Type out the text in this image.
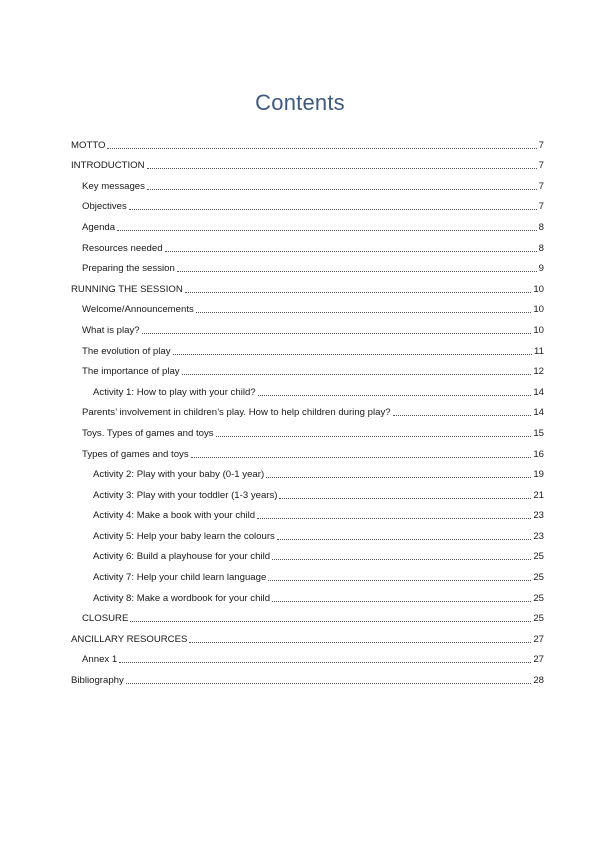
Contents
MOTTO	7
INTRODUCTION	7
Key messages	7
Objectives	7
Agenda	8
Resources needed	8
Preparing the session	9
RUNNING THE SESSION	10
Welcome/Announcements	10
What is play?	10
The evolution of play	11
The importance of play	12
Activity 1: How to play with your child?	14
Parents’ involvement in children’s play. How to help children during play?	14
Toys. Types of games and toys	15
Types of games and toys	16
Activity 2: Play with your baby (0-1 year)	19
Activity 3: Play with your toddler (1-3 years)	21
Activity 4: Make a book with your child	23
Activity 5: Help your baby learn the colours	23
Activity 6: Build a playhouse for your child	25
Activity 7: Help your child learn language	25
Activity 8: Make a wordbook for your child	25
CLOSURE	25
ANCILLARY RESOURCES	27
Annex 1	27
Bibliography	28
